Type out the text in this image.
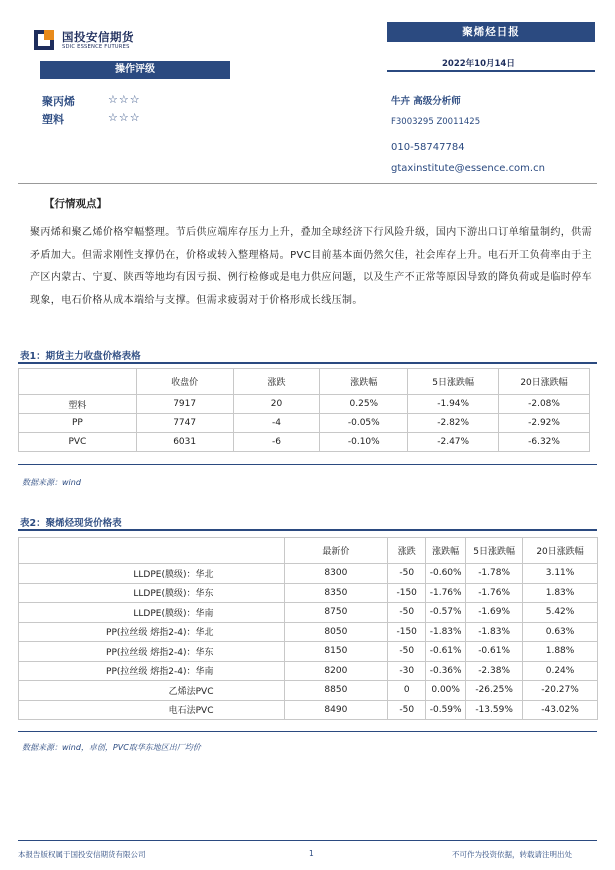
国投安信期货
SDIC ESSENCE FUTURES
聚烯烃日报
2022年10月14日
操作评级
聚丙烯	☆☆☆
塑料	☆☆☆
牛卉 高级分析师
F3003295 Z0011425
010-58747784
gtaxinstitute@essence.com.cn
【行情观点】
聚丙烯和聚乙烯价格窄幅整理。节后供应端库存压力上升，叠加全球经济下行风险升级，国内下游出口订单缩量制约，供需矛盾加大。但需求刚性支撑仍在，价格或转入整理格局。PVC目前基本面仍然欠佳，社会库存上升。电石开工负荷率由于主产区内蒙古、宁夏、陕西等地均有因亏损、例行检修或是电力供应问题，以及生产不正常等原因导致的降负荷或是临时停车现象，电石价格从成本端给与支撑。但需求疲弱对于价格形成长线压制。
表1：期货主力收盘价格表格
	收盘价	涨跌	涨跌幅	5日涨跌幅	20日涨跌幅
塑料	7917	20	0.25%	-1.94%	-2.08%
PP	7747	-4	-0.05%	-2.82%	-2.92%
PVC	6031	-6	-0.10%	-2.47%	-6.32%
数据来源：wind
表2：聚烯烃现货价格表
	最新价	涨跌	涨跌幅	5日涨跌幅	20日涨跌幅
LLDPE(膜级)：华北	8300	-50	-0.60%	-1.78%	3.11%
LLDPE(膜级)：华东	8350	-150	-1.76%	-1.76%	1.83%
LLDPE(膜级)：华南	8750	-50	-0.57%	-1.69%	5.42%
PP(拉丝级 熔指2-4)：华北	8050	-150	-1.83%	-1.83%	0.63%
PP(拉丝级 熔指2-4)：华东	8150	-50	-0.61%	-0.61%	1.88%
PP(拉丝级 熔指2-4)：华南	8200	-30	-0.36%	-2.38%	0.24%
乙烯法PVC	8850	0	0.00%	-26.25%	-20.27%
电石法PVC	8490	-50	-0.59%	-13.59%	-43.02%
数据来源：wind，卓创，PVC取华东地区出厂均价
本报告版权属于国投安信期货有限公司	1	不可作为投资依据，转载请注明出处
